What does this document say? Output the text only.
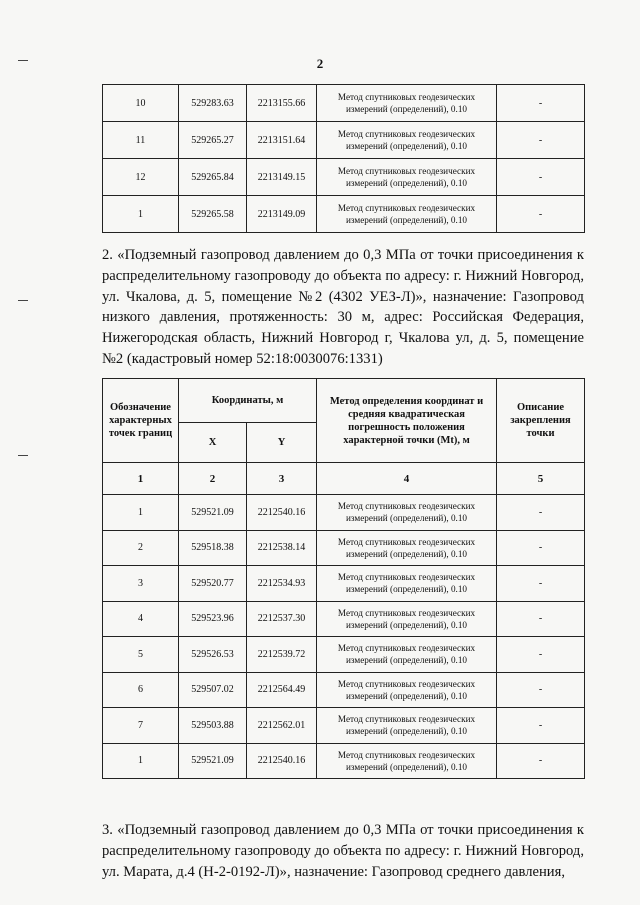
2
10	529283.63	2213155.66	Метод спутниковых геодезических измерений (определений), 0.10	-
11	529265.27	2213151.64	Метод спутниковых геодезических измерений (определений), 0.10	-
12	529265.84	2213149.15	Метод спутниковых геодезических измерений (определений), 0.10	-
1	529265.58	2213149.09	Метод спутниковых геодезических измерений (определений), 0.10	-

2. «Подземный газопровод давлением до 0,3 МПа от точки присоединения к распределительному газопроводу до объекта по адресу: г. Нижний Новгород, ул. Чкалова, д. 5, помещение №2 (4302 УЕЗ-Л)», назначение: Газопровод низкого давления, протяженность: 30 м, адрес: Российская Федерация, Нижегородская область, Нижний Новгород г, Чкалова ул, д. 5, помещение №2 (кадастровый номер 52:18:0030076:1331)

Обозначение характерных точек границ	Координаты, м		Метод определения координат и средняя квадратическая погрешность положения характерной точки (Mt), м	Описание закрепления точки
	X	Y		
1	2	3	4	5
1	529521.09	2212540.16	Метод спутниковых геодезических измерений (определений), 0.10	-
2	529518.38	2212538.14	Метод спутниковых геодезических измерений (определений), 0.10	-
3	529520.77	2212534.93	Метод спутниковых геодезических измерений (определений), 0.10	-
4	529523.96	2212537.30	Метод спутниковых геодезических измерений (определений), 0.10	-
5	529526.53	2212539.72	Метод спутниковых геодезических измерений (определений), 0.10	-
6	529507.02	2212564.49	Метод спутниковых геодезических измерений (определений), 0.10	-
7	529503.88	2212562.01	Метод спутниковых геодезических измерений (определений), 0.10	-
1	529521.09	2212540.16	Метод спутниковых геодезических измерений (определений), 0.10	-

3. «Подземный газопровод давлением до 0,3 МПа от точки присоединения к распределительному газопроводу до объекта по адресу: г. Нижний Новгород, ул. Марата, д.4 (Н-2-0192-Л)», назначение: Газопровод среднего давления,
